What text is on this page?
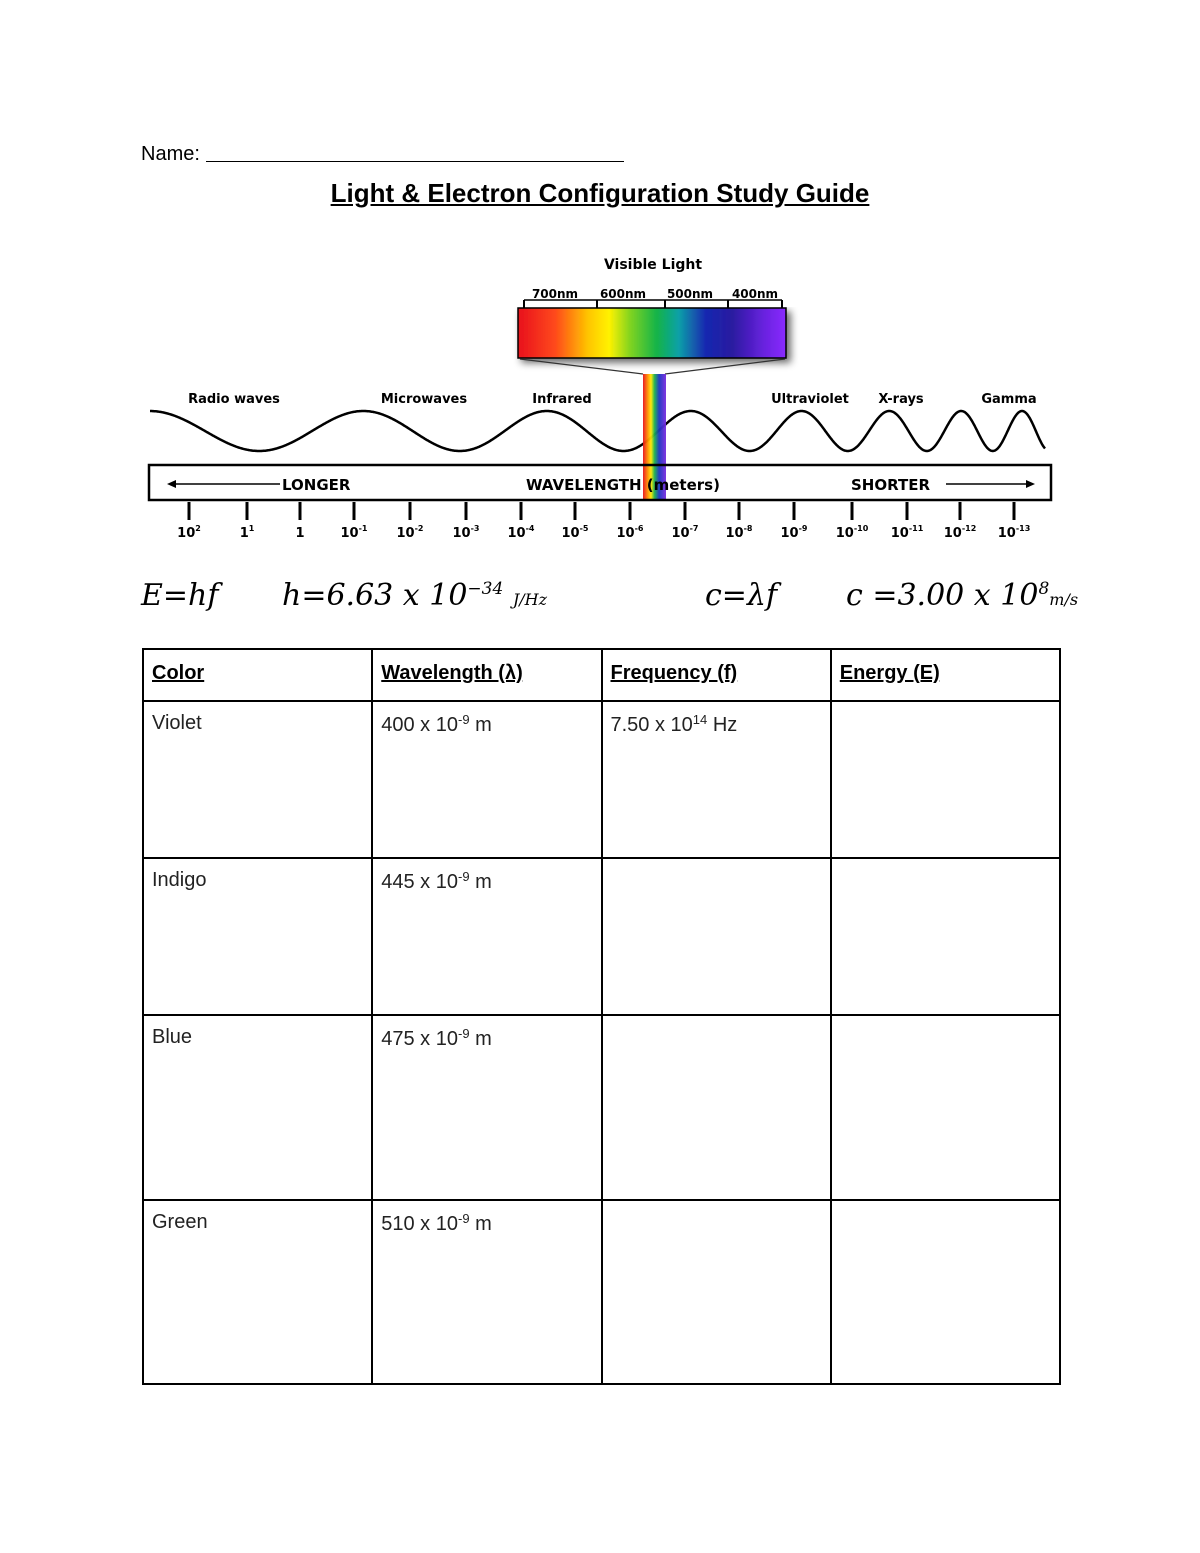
Name:
Light & Electron Configuration Study Guide
Visible Light
700nm 600nm 500nm 400nm
Radio waves	Microwaves	Infrared	Ultraviolet X-rays	Gamma
LONGER	WAVELENGTH (meters)	SHORTER
$10^2$	$1^1$	1	$10^{-1}$ $10^{-2}$ $10^{-3}$ $10^{-4}$ $10^{-5}$ $10^{-6}$ $10^{-7}$ $10^{-8}$ $10^{-9}$ $10^{-10}$ $10^{-11}$ $10^{-12}$ $10^{-13}$
E=hf h=6.63 x $10^{-34}$ J/Hz	c=λf c =3.00 x $10^8m/s$
Color	Wavelength (λ)	Frequency (f)	Energy (E)
Violet	400 x $10^{-9}$ m	7.50 x $10^{14}$ Hz	
Indigo	445 x $10^{-9}$ m		
Blue	475 x $10^{-9}$ m		
Green	510 x $10^{-9}$ m		
